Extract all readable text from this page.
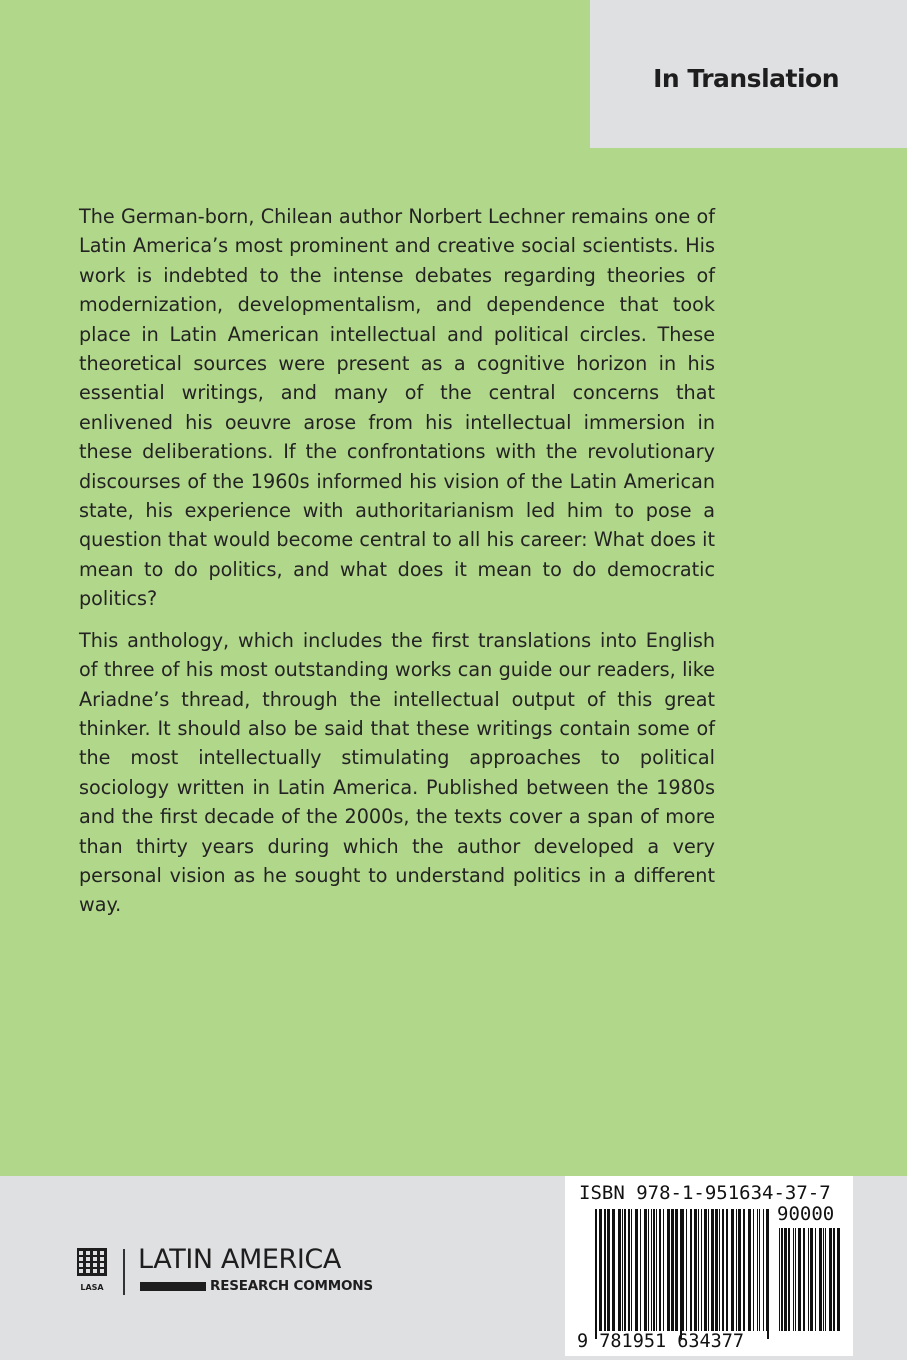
In Translation

The German-born, Chilean author Norbert Lechner remains one of Latin America’s most prominent and creative social scientists. His work is indebted to the intense debates regarding theories of modernization, developmentalism, and dependence that took place in Latin American intellectual and political circles. These theoretical sources were present as a cognitive horizon in his essential writings, and many of the central concerns that enlivened his oeuvre arose from his intellectual immersion in these deliberations. If the confrontations with the revolutionary discourses of the 1960s informed his vision of the Latin American state, his experience with authoritarianism led him to pose a question that would become central to all his career: What does it mean to do politics, and what does it mean to do democratic politics?

This anthology, which includes the first translations into English of three of his most outstanding works can guide our readers, like Ariadne’s thread, through the intellectual output of this great thinker. It should also be said that these writings contain some of the most intellectually stimulating approaches to political sociology written in Latin America. Published between the 1980s and the first decade of the 2000s, the texts cover a span of more than thirty years during which the author developed a very personal vision as he sought to understand politics in a different way.

LASA
LATIN AMERICA
RESEARCH COMMONS
ISBN 978-1-951634-37-7
90000
9 781951 634377
